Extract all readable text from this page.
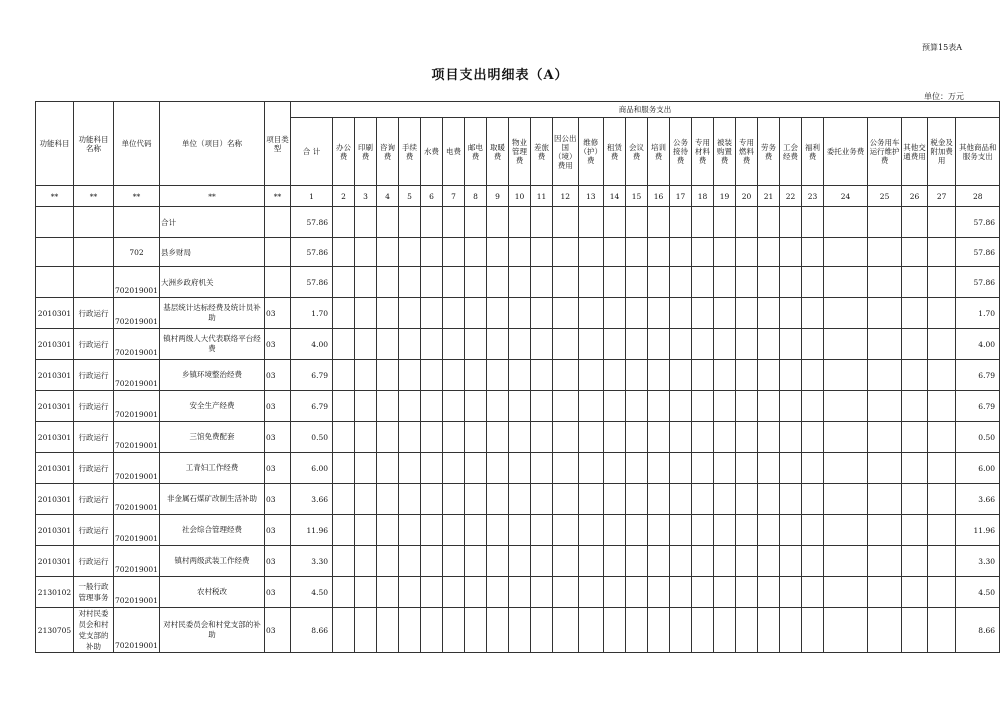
预算15表A
项目支出明细表（A）
单位：万元
功能科目	功能科目名称	单位代码	单位（项目）名称	项目类型	商品和服务支出																											
					合 计	办公费	印刷费	咨询费	手续费	水费	电费	邮电费	取暖费	物业管理费	差旅费	因公出国（境）费用	维修（护）费	租赁费	会议费	培训费	公务接待费	专用材料费	被装购置费	专用燃料费	劳务费	工会经费	福利费	委托业务费	公务用车运行维护费	其他交通费用	税金及附加费用	其他商品和服务支出
**	**	**	**	**	1	2	3	4	5	6	7	8	9	10	11	12	13	14	15	16	17	18	19	20	21	22	23	24	25	26	27	28
			合计		57.86																											57.86
		702	县乡财局		57.86																											57.86
		702019001	大洲乡政府机关		57.86																											57.86
2010301	行政运行	702019001	基层统计达标经费及统计员补助	03	1.70																											1.70
2010301	行政运行	702019001	镇村两级人大代表联络平台经费	03	4.00																											4.00
2010301	行政运行	702019001	乡镇环境整治经费	03	6.79																											6.79
2010301	行政运行	702019001	安全生产经费	03	6.79																											6.79
2010301	行政运行	702019001	三馆免费配套	03	0.50																											0.50
2010301	行政运行	702019001	工青妇工作经费	03	6.00																											6.00
2010301	行政运行	702019001	非金属石煤矿改制生活补助	03	3.66																											3.66
2010301	行政运行	702019001	社会综合管理经费	03	11.96																											11.96
2010301	行政运行	702019001	镇村两级武装工作经费	03	3.30																											3.30
2130102	一般行政管理事务	702019001	农村税改	03	4.50																											4.50
2130705	对村民委员会和村党支部的补助	702019001	对村民委员会和村党支部的补助	03	8.66																											8.66
